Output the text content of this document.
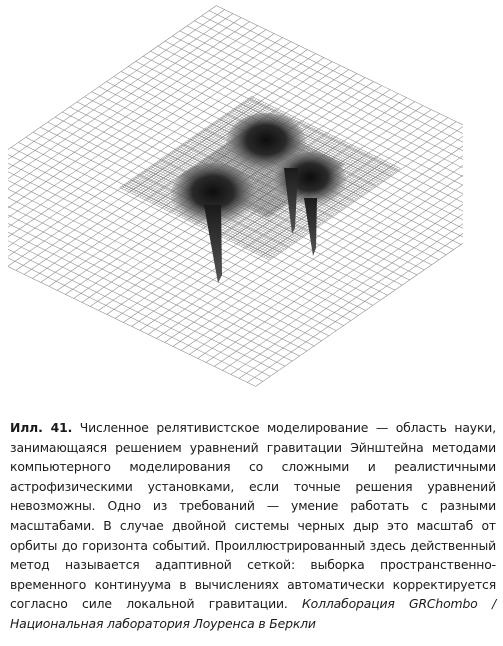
Илл. 41. Численное релятивистское моделирование — область науки, занимающаяся решением уравнений гравитации Эйнштейна методами компьютерного моделирования со сложными и реалистичными астрофизическими установками, если точные решения уравнений невозможны. Одно из требований — умение работать с разными масштабами. В случае двойной системы черных дыр это масштаб от орбиты до горизонта событий. Проиллюстрированный здесь действенный метод называется адаптивной сеткой: выборка пространственно-временного континуума в вычислениях автоматически корректируется согласно силе локальной гравитации. Коллаборация GRChombo / Национальная лаборатория Лоуренса в Беркли
